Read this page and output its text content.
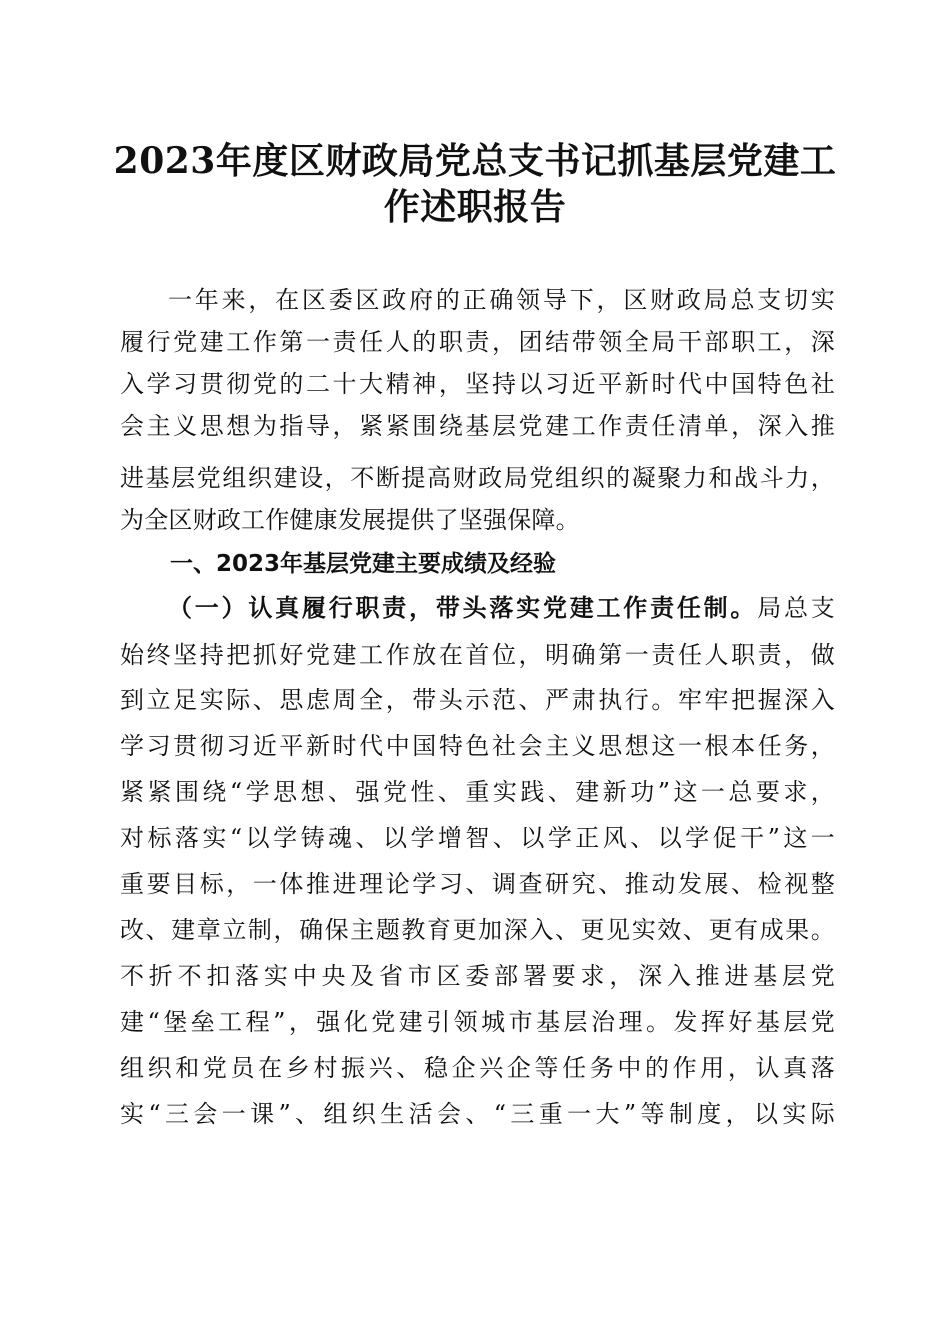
2023年度区财政局党总支书记抓基层党建工
作述职报告
一年来，在区委区政府的正确领导下，区财政局总支切实
履行党建工作第一责任人的职责，团结带领全局干部职工，深
入学习贯彻党的二十大精神，坚持以习近平新时代中国特色社
会主义思想为指导，紧紧围绕基层党建工作责任清单，深入推
进基层党组织建设，不断提高财政局党组织的凝聚力和战斗力，
为全区财政工作健康发展提供了坚强保障。
一、2023年基层党建主要成绩及经验
（一）认真履行职责，带头落实党建工作责任制。局总支
始终坚持把抓好党建工作放在首位，明确第一责任人职责，做
到立足实际、思虑周全，带头示范、严肃执行。牢牢把握深入
学习贯彻习近平新时代中国特色社会主义思想这一根本任务，
紧紧围绕“学思想、强党性、重实践、建新功”这一总要求，
对标落实“以学铸魂、以学增智、以学正风、以学促干”这一
重要目标，一体推进理论学习、调查研究、推动发展、检视整
改、建章立制，确保主题教育更加深入、更见实效、更有成果。
不折不扣落实中央及省市区委部署要求，深入推进基层党
建“堡垒工程”，强化党建引领城市基层治理。发挥好基层党
组织和党员在乡村振兴、稳企兴企等任务中的作用，认真落
实“三会一课”、组织生活会、“三重一大”等制度，以实际
